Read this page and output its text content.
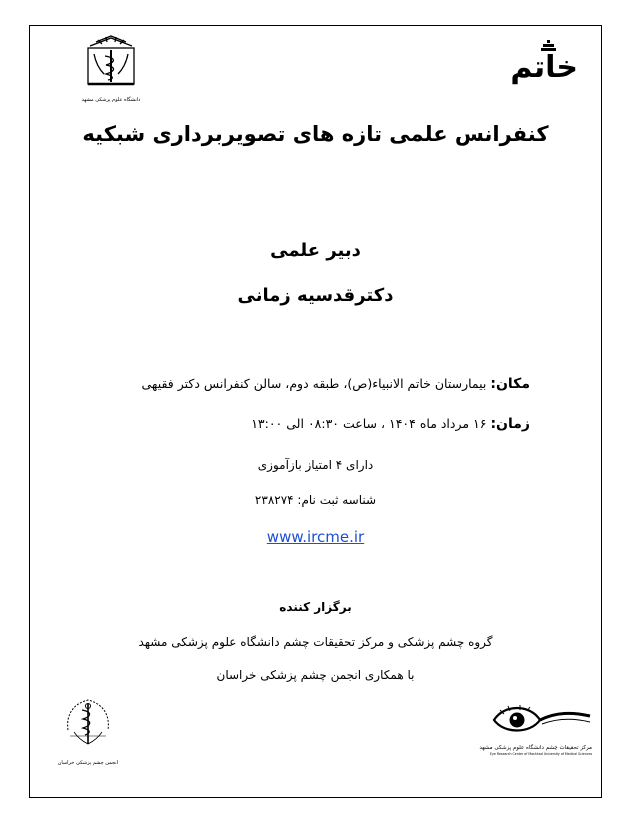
دانشگاه علوم پزشکی مشهد
خاتم
کنفرانس علمی تازه های تصویربرداری شبکیه
دبیر علمی
دکترقدسیه زمانی
مکان: بیمارستان خاتم الانبیاء(ص)، طبقه دوم، سالن کنفرانس دکتر فقیهی
زمان: ۱۶ مرداد ماه ۱۴۰۴ ، ساعت ۰۸:۳۰ الی ۱۳:۰۰
دارای ۴ امتیاز بازآموزی
شناسه ثبت نام: ۲۳۸۲۷۴
www.ircme.ir
برگزار کننده
گروه چشم پزشکی و مرکز تحقیقات چشم دانشگاه علوم پزشکی مشهد
با همکاری انجمن چشم پزشکی خراسان
انجمن چشم پزشکی خراسان
مرکز تحقیقات چشم دانشگاه علوم پزشکی مشهد
Eye Research Center of Mashhad University of Medical Sciences
